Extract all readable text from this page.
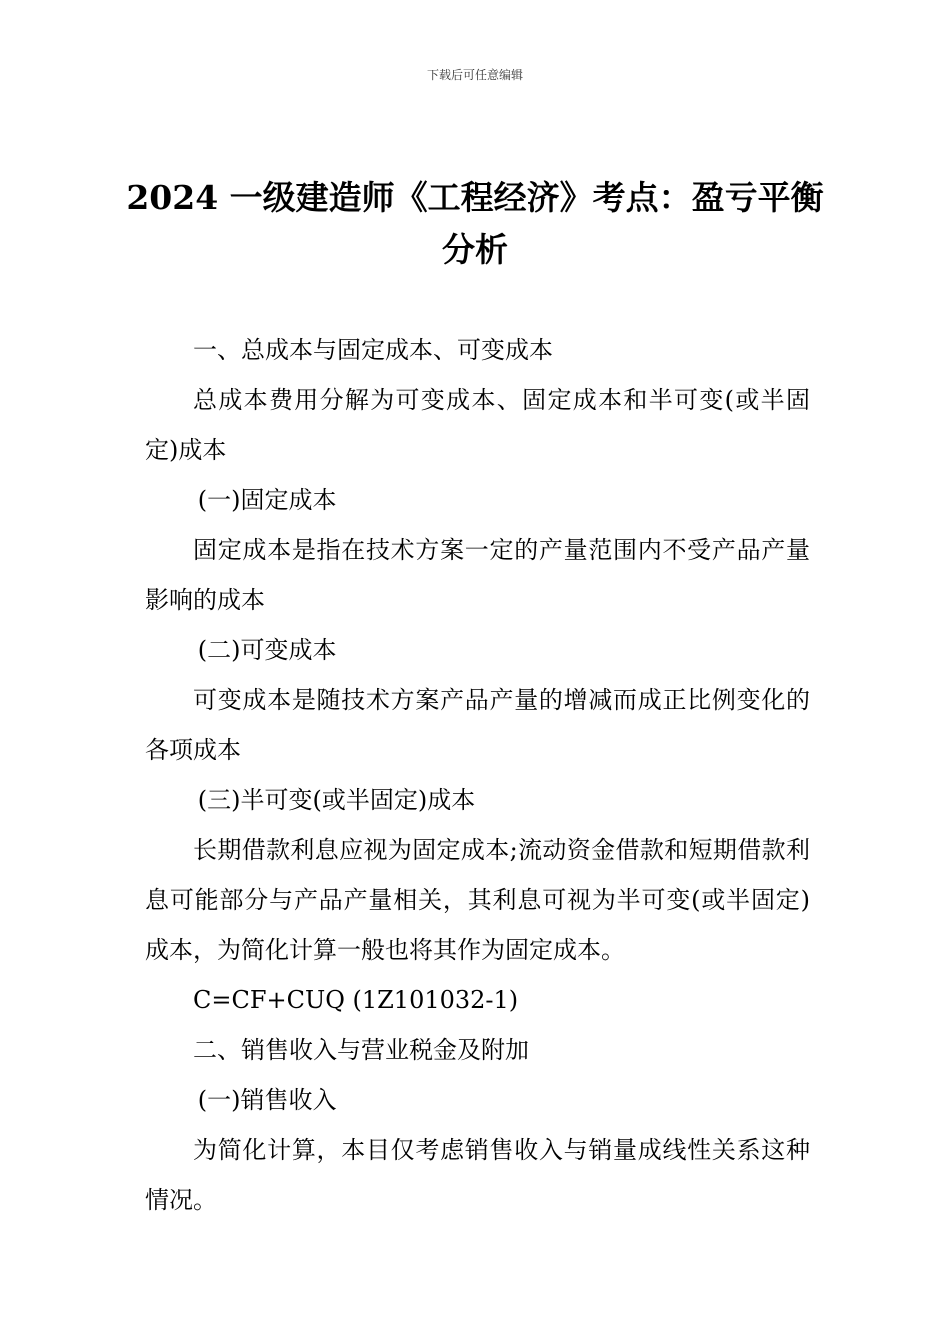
下载后可任意编辑
2024 一级建造师《工程经济》考点：盈亏平衡分析

一、总成本与固定成本、可变成本

总成本费用分解为可变成本、固定成本和半可变(或半固定)成本

(一)固定成本

固定成本是指在技术方案一定的产量范围内不受产品产量影响的成本

(二)可变成本

可变成本是随技术方案产品产量的增减而成正比例变化的各项成本

(三)半可变(或半固定)成本

长期借款利息应视为固定成本;流动资金借款和短期借款利息可能部分与产品产量相关，其利息可视为半可变(或半固定)成本，为简化计算一般也将其作为固定成本。

C=CF+CUQ (1Z101032-1)

二、销售收入与营业税金及附加

(一)销售收入

为简化计算，本目仅考虑销售收入与销量成线性关系这种情况。
